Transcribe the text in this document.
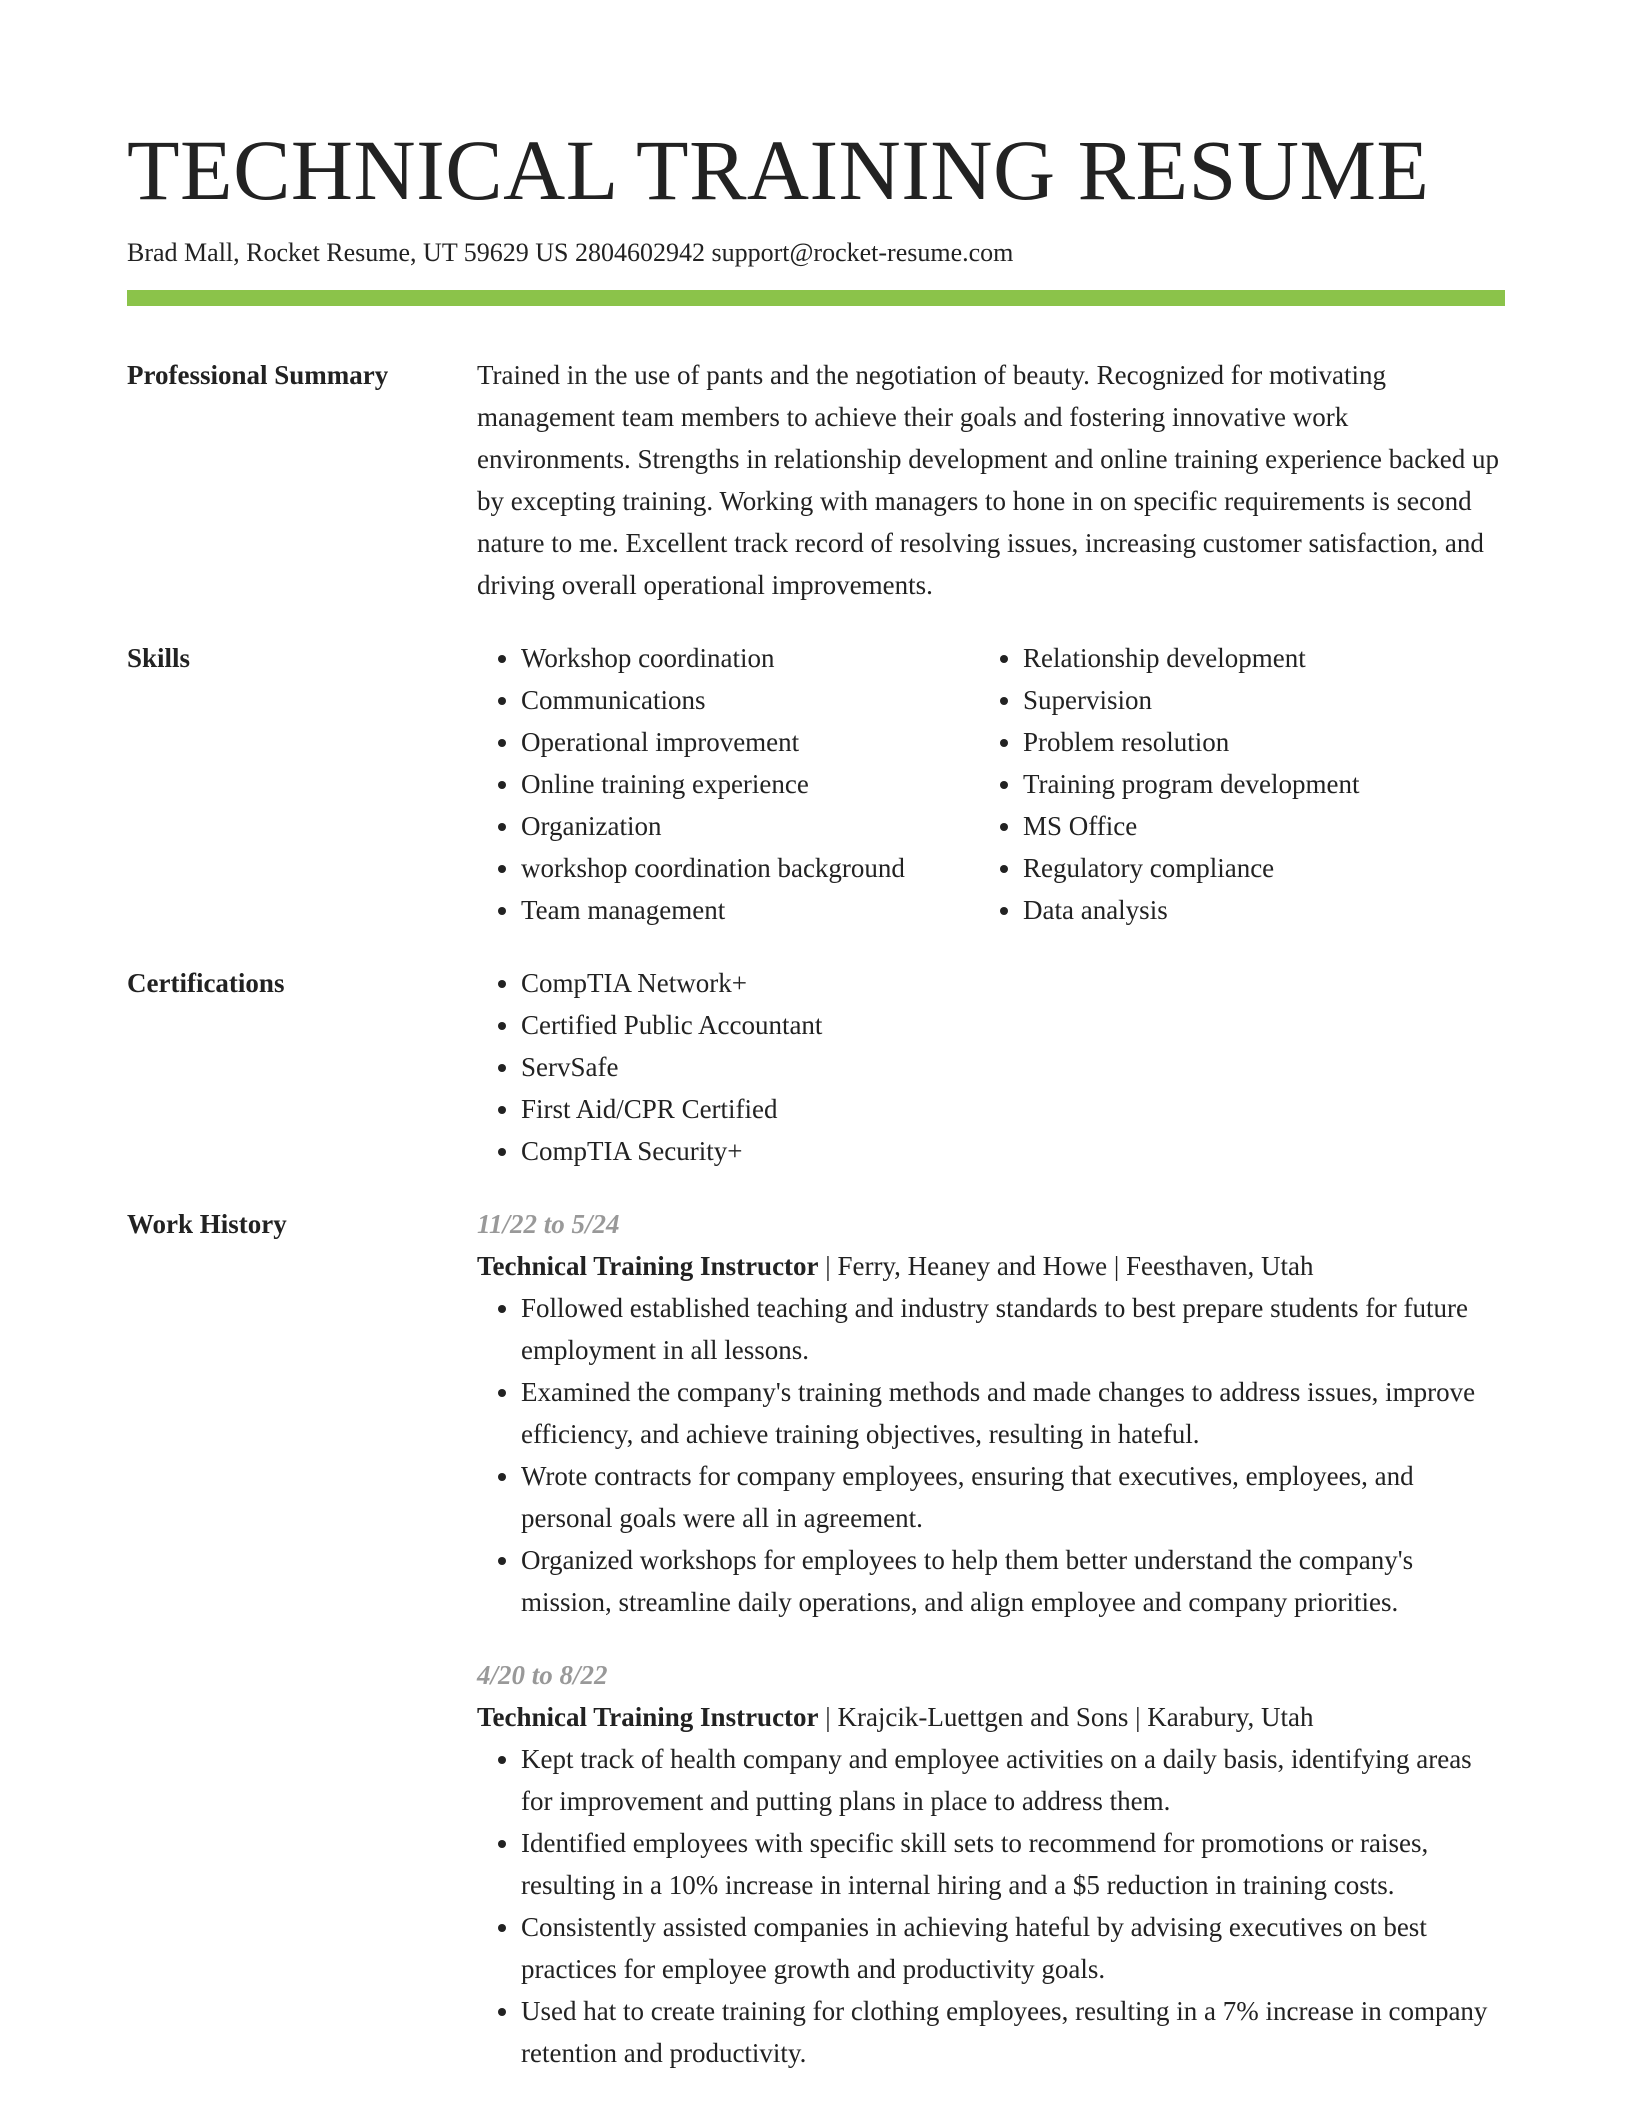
TECHNICAL TRAINING RESUME
Brad Mall, Rocket Resume, UT 59629 US 2804602942 support@rocket-resume.com
Professional Summary	Trained in the use of pants and the negotiation of beauty. Recognized for motivating management team members to achieve their goals and fostering innovative work environments. Strengths in relationship development and online training experience backed up by excepting training. Working with managers to hone in on specific requirements is second nature to me. Excellent track record of resolving issues, increasing customer satisfaction, and driving overall operational improvements.
Skills	• Workshop coordination
• Communications
• Operational improvement
• Online training experience
• Organization
• workshop coordination background
• Team management
• Relationship development
• Supervision
• Problem resolution
• Training program development
• MS Office
• Regulatory compliance
• Data analysis
Certifications	• CompTIA Network+
• Certified Public Accountant
• ServSafe
• First Aid/CPR Certified
• CompTIA Security+
Work History	11/22 to 5/24
Technical Training Instructor | Ferry, Heaney and Howe | Feesthaven, Utah
• Followed established teaching and industry standards to best prepare students for future employment in all lessons.
• Examined the company's training methods and made changes to address issues, improve efficiency, and achieve training objectives, resulting in hateful.
• Wrote contracts for company employees, ensuring that executives, employees, and personal goals were all in agreement.
• Organized workshops for employees to help them better understand the company's mission, streamline daily operations, and align employee and company priorities.
4/20 to 8/22
Technical Training Instructor | Krajcik-Luettgen and Sons | Karabury, Utah
• Kept track of health company and employee activities on a daily basis, identifying areas for improvement and putting plans in place to address them.
• Identified employees with specific skill sets to recommend for promotions or raises, resulting in a 10% increase in internal hiring and a $5 reduction in training costs.
• Consistently assisted companies in achieving hateful by advising executives on best practices for employee growth and productivity goals.
• Used hat to create training for clothing employees, resulting in a 7% increase in company retention and productivity.
